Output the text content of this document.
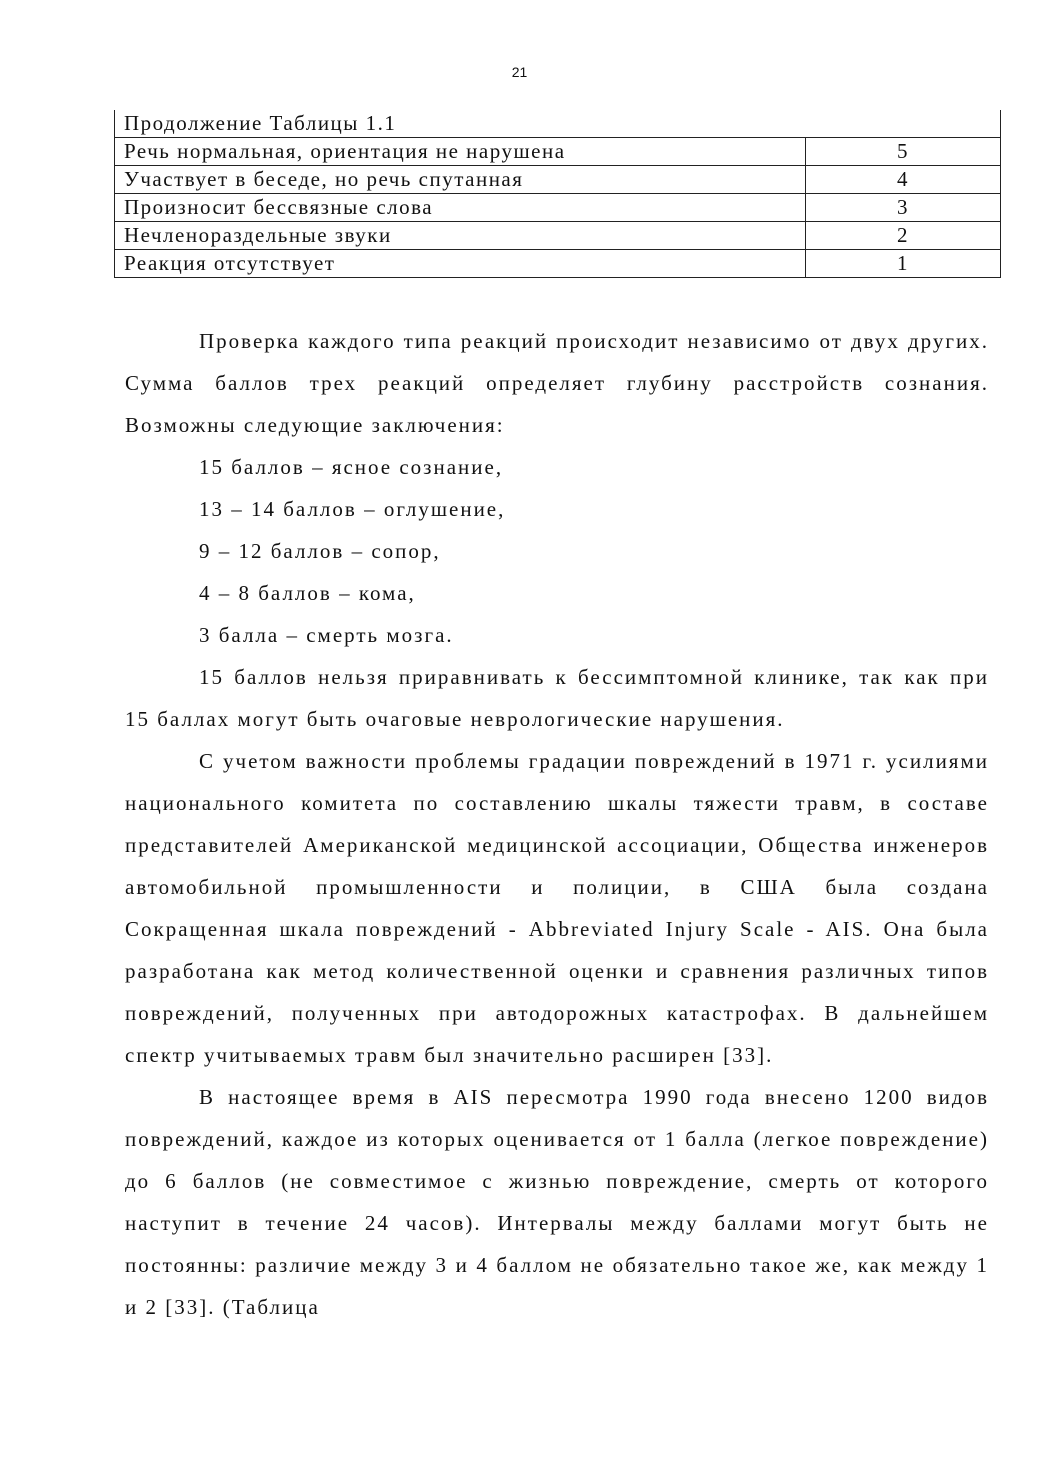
21
Продолжение Таблицы 1.1	
Речь нормальная, ориентация не нарушена	5
Участвует в беседе, но речь спутанная	4
Произносит бессвязные слова	3
Нечленораздельные звуки	2
Реакция отсутствует	1

Проверка каждого типа реакций происходит независимо от двух других. Сумма баллов трех реакций определяет глубину расстройств сознания. Возможны следующие заключения:

15 баллов – ясное сознание,

13 – 14 баллов – оглушение,

9 – 12 баллов – сопор,

4 – 8 баллов – кома,

3 балла – смерть мозга.

15 баллов нельзя приравнивать к бессимптомной клинике, так как при 15 баллах могут быть очаговые неврологические нарушения.

С учетом важности проблемы градации повреждений в 1971 г. усилиями национального комитета по составлению шкалы тяжести травм, в составе представителей Американской медицинской ассоциации, Общества инженеров автомобильной промышленности и полиции, в США была создана Сокращенная шкала повреждений - Abbreviated Injury Scale - AIS. Она была разработана как метод количественной оценки и сравнения различных типов повреждений, полученных при автодорожных катастрофах. В дальнейшем спектр учитываемых травм был значительно расширен [33].

В настоящее время в AIS пересмотра 1990 года внесено 1200 видов повреждений, каждое из которых оценивается от 1 балла (легкое повреждение) до 6 баллов (не совместимое с жизнью повреждение, смерть от которого наступит в течение 24 часов). Интервалы между баллами могут быть не постоянны: различие между 3 и 4 баллом не обязательно такое же, как между 1 и 2 [33]. (Таблица
